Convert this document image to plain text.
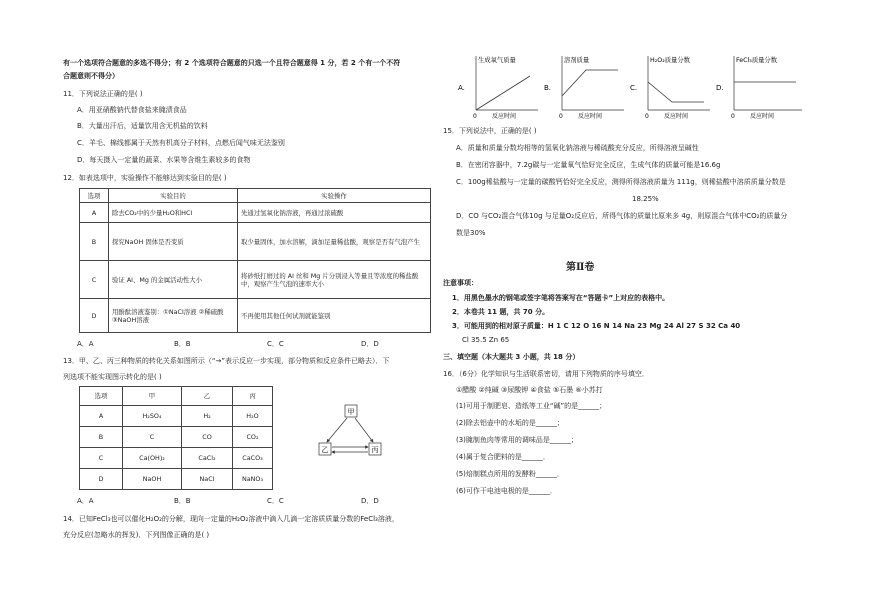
有一个选项符合题意的多选不得分；有 2 个选项符合题意的只选一个且符合题意得 1 分，若 2 个有一个不符
合题意则不得分）
11．下列说法正确的是( )
A．用亚硝酸钠代替食盐来腌渍食品
B．大量出汗后，适量饮用含无机盐的饮料
C．羊毛、棉线都属于天然有机高分子材料，点燃后闻气味无法鉴别
D．每天摄入一定量的蔬菜、水果等含维生素较多的食物
12．如表选项中，实验操作不能够达到实验目的是( )
选项	实验目的	实验操作
A	除去CO₂中的少量H₂O和HCl	先通过氢氧化钠溶液，再通过浓硫酸
B	探究NaOH 固体是否变质	取少量固体，加水溶解，滴加足量稀盐酸，观察是否有气泡产生
C	验证 Al、Mg 的金属活动性大小	将砂纸打磨过的 Al 丝和 Mg 片分别浸入等量且等浓度的稀盐酸中，观察产生气泡的速率大小
D	用酚酞溶液鉴别：①NaCl溶液 ②稀硫酸 ③NaOH溶液	不再使用其他任何试剂就能鉴别
A．A	B．B	C．C	D．D
13．甲、乙、丙三种物质的转化关系如图所示（“→”表示反应一步实现，部分物质和反应条件已略去）．下
列选项不能实现图示转化的是( )
选项	甲	乙	丙
A	H₂SO₄	H₂	H₂O
B	C	CO	CO₂
C	Ca(OH)₂	CaCl₂	CaCO₃
D	NaOH	NaCl	NaNO₃
甲
乙	丙
A．A	B．B	C．C	D．D
14．已知FeCl₃也可以催化H₂O₂的分解，现向一定量的H₂O₂溶液中滴入几滴一定溶质质量分数的FeCl₃溶液，
充分反应(忽略水的挥发)．下列图像正确的是( )
A.
生成氧气质量
0	反应时间
B.
溶剂质量
0	反应时间
C.
H₂O₂质量分数
0	反应时间
D.
FeCl₃质量分数
0	反应时间
15．下列说法中，正确的是( )
A．质量和质量分数均相等的氢氧化钠溶液与稀硫酸充分反应，所得溶液呈碱性
B．在密闭容器中，7.2g碳与一定量氧气恰好完全反应，生成气体的质量可能是16.6g
C．100g稀盐酸与一定量的碳酸钙恰好完全反应，测得所得溶液质量为 111g，则稀盐酸中溶质质量分数是
18.25%
D．CO 与CO₂混合气体10g 与足量O₂反应后，所得气体的质量比原来多 4g，则原混合气体中CO₂的质量分
数是30%
第Ⅱ卷
注意事项：
1．用黑色墨水的钢笔或签字笔将答案写在“答题卡”上对应的表格中。
2．本卷共 11 题，共 70 分。
3．可能用到的相对原子质量：H 1 C 12 O 16 N 14 Na 23 Mg 24 Al 27 S 32 Ca 40
Cl 35.5 Zn 65
三、填空题（本大题共 3 小题，共 18 分）
16．（6分）化学知识与生活联系密切，请用下列物质的序号填空．
①醋酸 ②纯碱 ③尿酸钾 ④食盐 ⑤石墨 ⑥小苏打
(1)可用于制肥皂、造纸等工业“碱”的是______；
(2)除去铝壶中的水垢的是______；
(3)腌制鱼肉等常用的调味品是______；
(4)属于复合肥料的是______．
(5)焙制糕点所用的发酵粉______．
(6)可作干电池电极的是______．
